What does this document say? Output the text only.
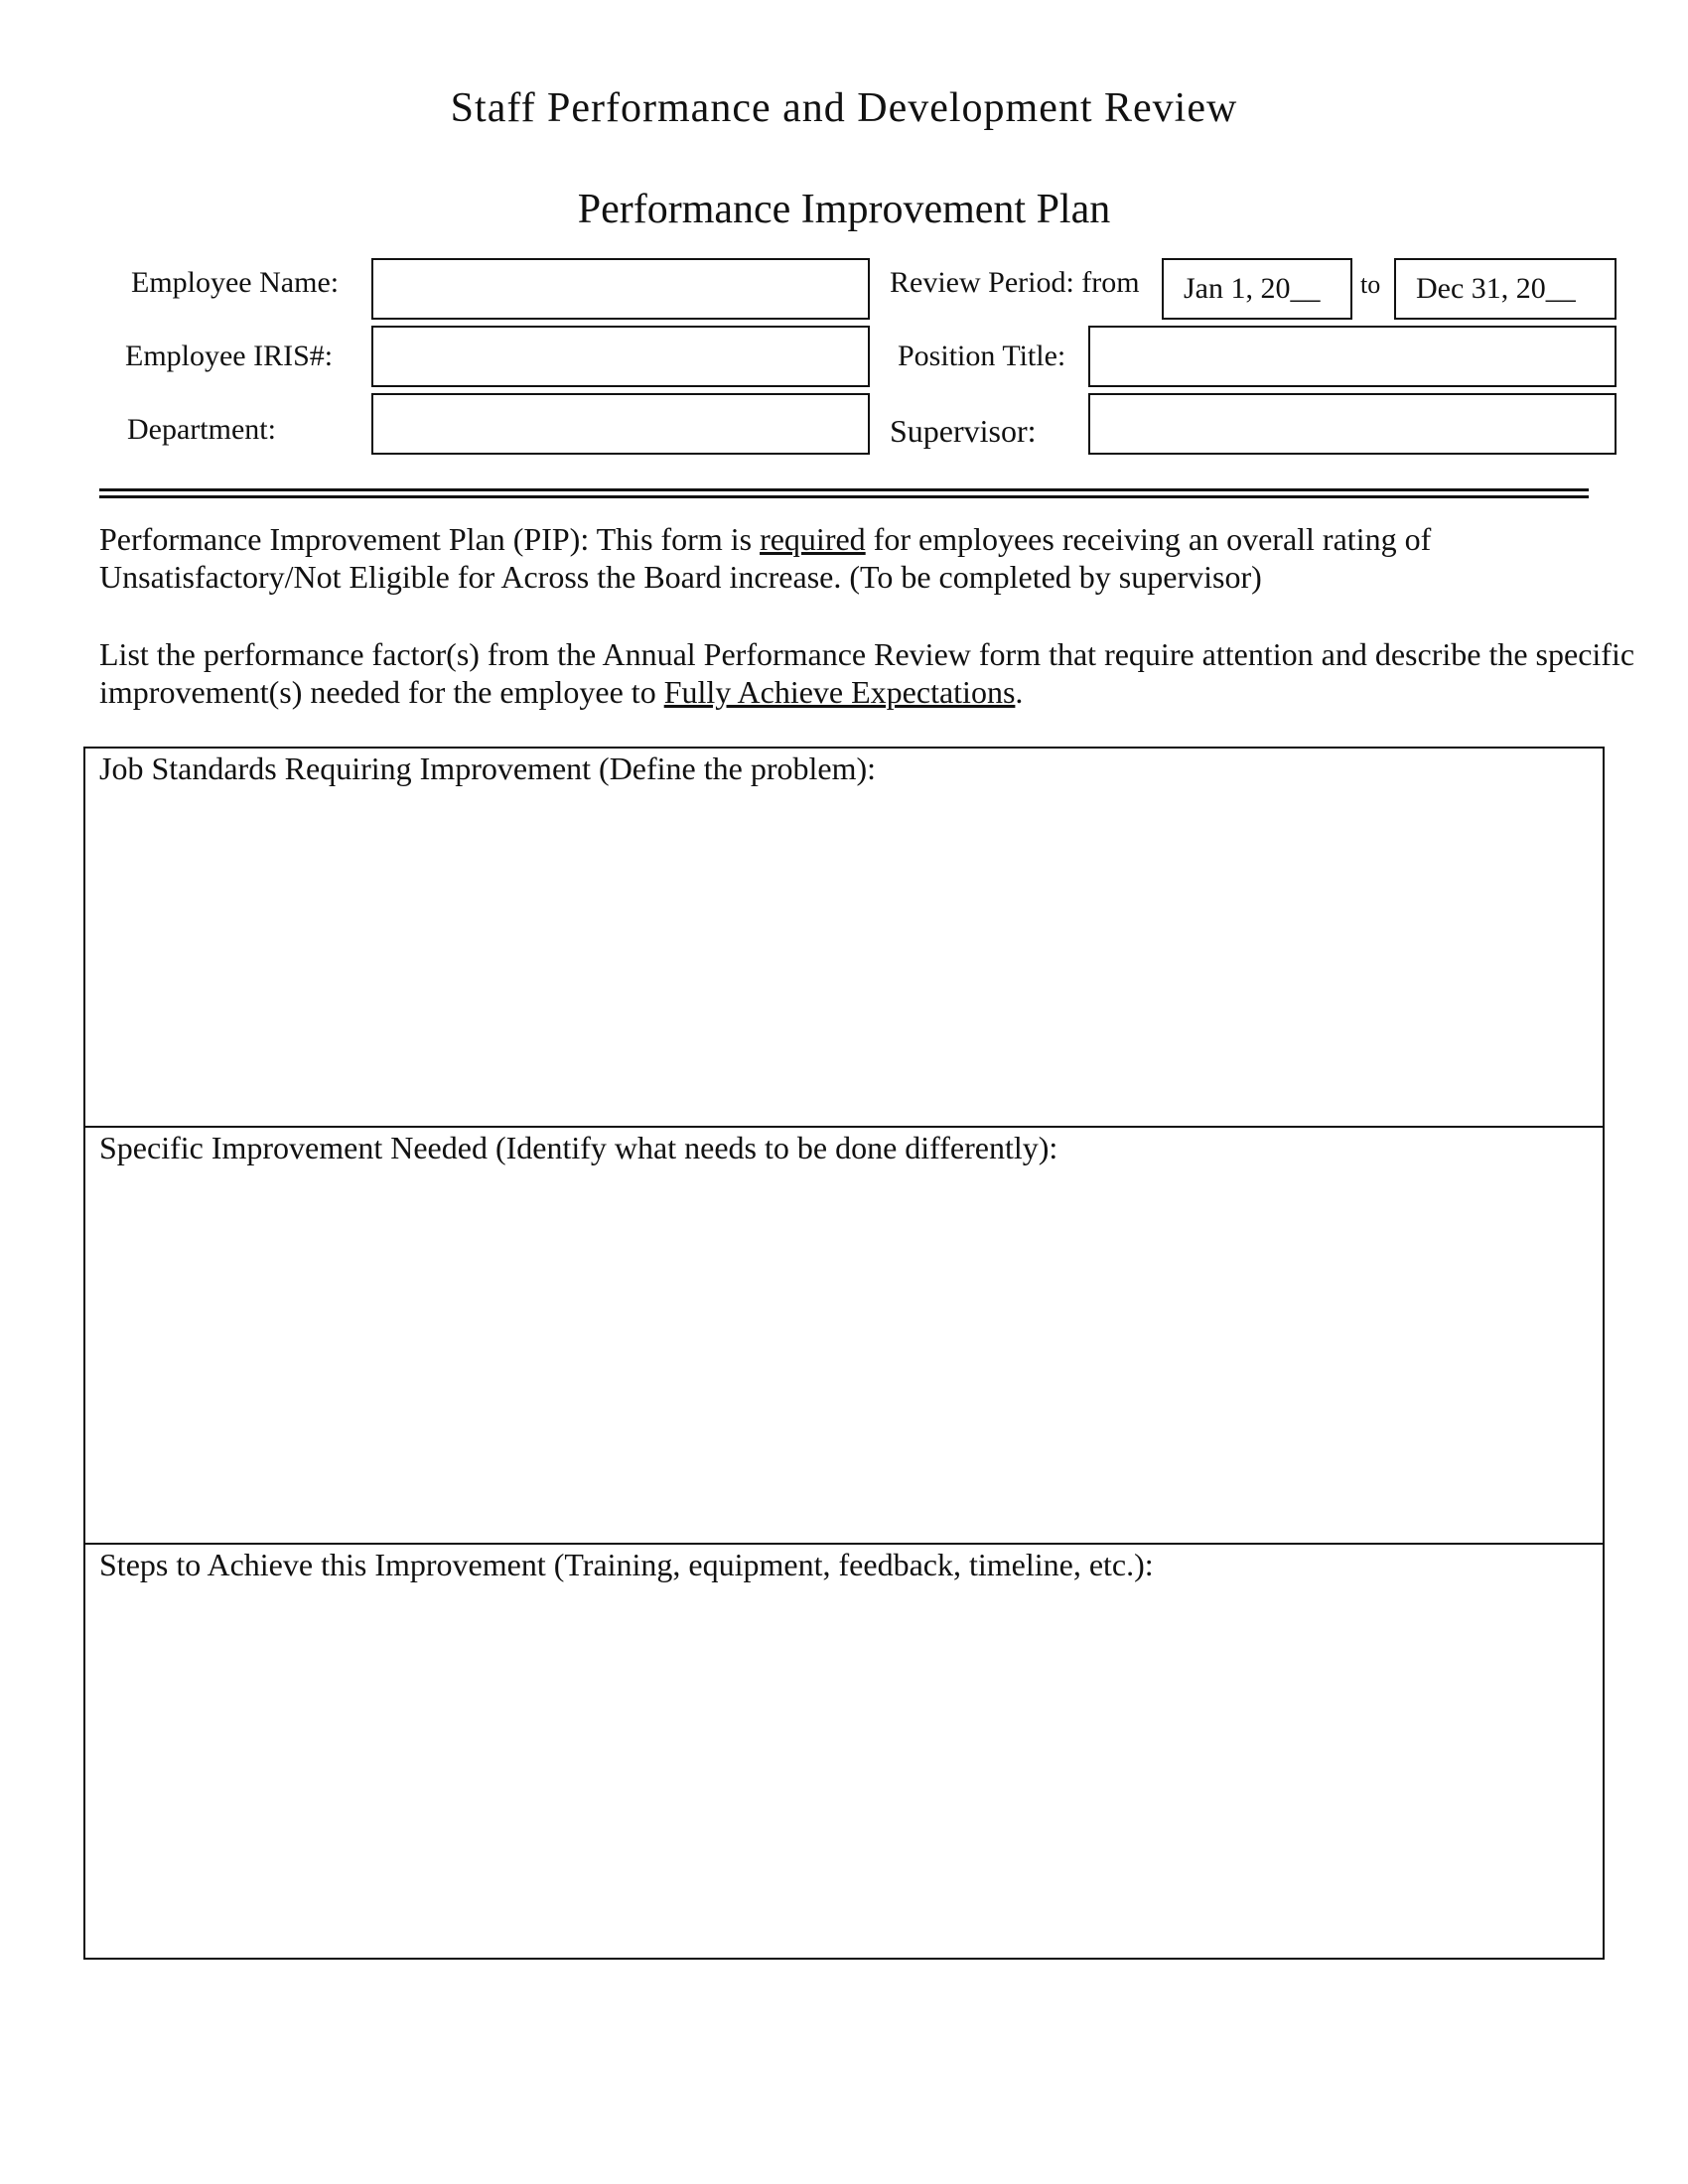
Staff Performance and Development Review
Performance Improvement Plan
Employee Name:
Employee IRIS#:
Department:
Review Period: from	Jan 1, 20__	to	Dec 31, 20__
Position Title:
Supervisor:
Performance Improvement Plan (PIP): This form is required for employees receiving an overall rating of Unsatisfactory/Not Eligible for Across the Board increase. (To be completed by supervisor)
List the performance factor(s) from the Annual Performance Review form that require attention and describe the specific improvement(s) needed for the employee to Fully Achieve Expectations.
Job Standards Requiring Improvement (Define the problem):
Specific Improvement Needed (Identify what needs to be done differently):
Steps to Achieve this Improvement (Training, equipment, feedback, timeline, etc.):
